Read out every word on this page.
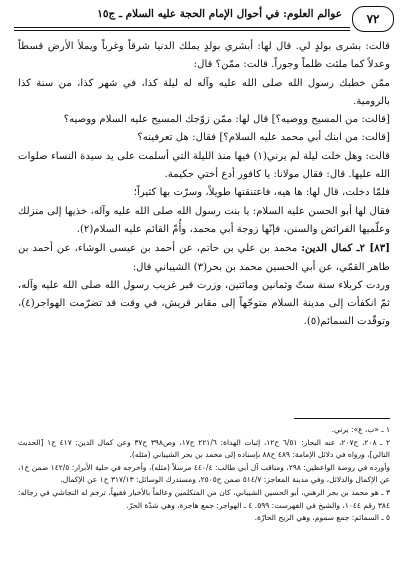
٧٢
عوالم العلوم: في أحوال الإمام الحجة عليه السلام ـ ج١٥

قالت: بشرى بولدٍ لي. قال لها: أبشري بولدٍ يملك الدنيا شرقاً وغرباً ويملأ الأرض قسطاً وعدلاً كما ملئت ظلماً وجوراً. قالت: ممّن؟ قال:

ممّن خطبك رسول الله صلى الله عليه وآله له ليلة كذا، في شهر كذا، من سنة كذا بالرومية.

[قالت: من المسيح ووصيه؟] قال لها: ممّن زوّجك المسيح عليه السلام ووصيه؟

[قالت: من ابنك أبي محمد عليه السلام؟] فقال: هل تعرفينه؟

قالت: وهل خلت ليلة لم يرني(١) فيها منذ الليلة التي أسلمت على يد سيدة النساء صلوات الله عليها. قال: فقال مولانا: يا كافور أدع أختي حكيمة.

فلمّا دخلت، قال لها: ها هيه، فاعتنقتها طويلاً، وسرّت بها كثيراً؛

فقال لها أبو الحسن عليه السلام: يا بنت رسول الله صلى الله عليه وآله، خذيها إلى منزلك وعلّميها الفرائض والسنن، فإنّها زوجة أبي محمد، وأُمّ القائم عليه السلام(٢).

[٨٣] ٢ـ كمال الدين: محمد بن علي بن حاتم، عن أحمد بن عيسى الوشاء، عن أحمد بن طاهر القمّي، عن أبي الحسين محمد بن بحر(٣) الشيباني قال:

وردت كربلاء سنة ستّ وثمانين ومائتين، وزرت قبر غريب رسول الله صلى الله عليه وآله، ثمّ انكفأت إلى مدينة السلام متوجّهاً إلى مقابر قريش، في وقت قد تضرّمت الهواجر(٤)، وتوقّدت السمائم(٥).

١ ـ «ب، ع»: يرني.

٢ ـ ٢٠٨، ح٢٠٧، عنه البحار: ٦/٥١ ح١٢، إثبات الهداة: ٢٢١/٦ ح١٧، وص٣٩٨ ح٣٧ وعن كمال الدين: ٤١٧ ح١ [الحديث التالي]، ورواه في دلائل الإمامة: ٤٨٩ ح٨٨ بإسناده إلى محمد بن بحر الشيباني (مثله).

وأورده في روضة الواعظين: ٢٩٨، ومناقب آل أبي طالب: ٤٤٠/٤ مرسلاً (مثله)، وأخرجه في حلية الأبرار: ١٤٢/٥ ضمن ح١، عن الإكمال والدلائل، وفي مدينة المعاجز: ٥١٤/٧ ضمن ح٢٥٠٥، ومستدرك الوسائل: ٣١٧/١٣ ح١ عن الإكمال.

٣ ـ هو محمد بن بحر الرهني، أبو الحسين الشيباني، كان من المتكلمين وعالماً بالأخبار فقيهاً، ترجم له النجاشي في رجاله: ٣٨٤ رقم ١٠٤٤، والشيخ في الفهرست: ٥٩٩. ٤ ـ الهواجر: جمع هاجرة، وهي شدّة الحرّ.

٥ ـ السمائم: جمع سموم، وهي الريح الحارّة.
